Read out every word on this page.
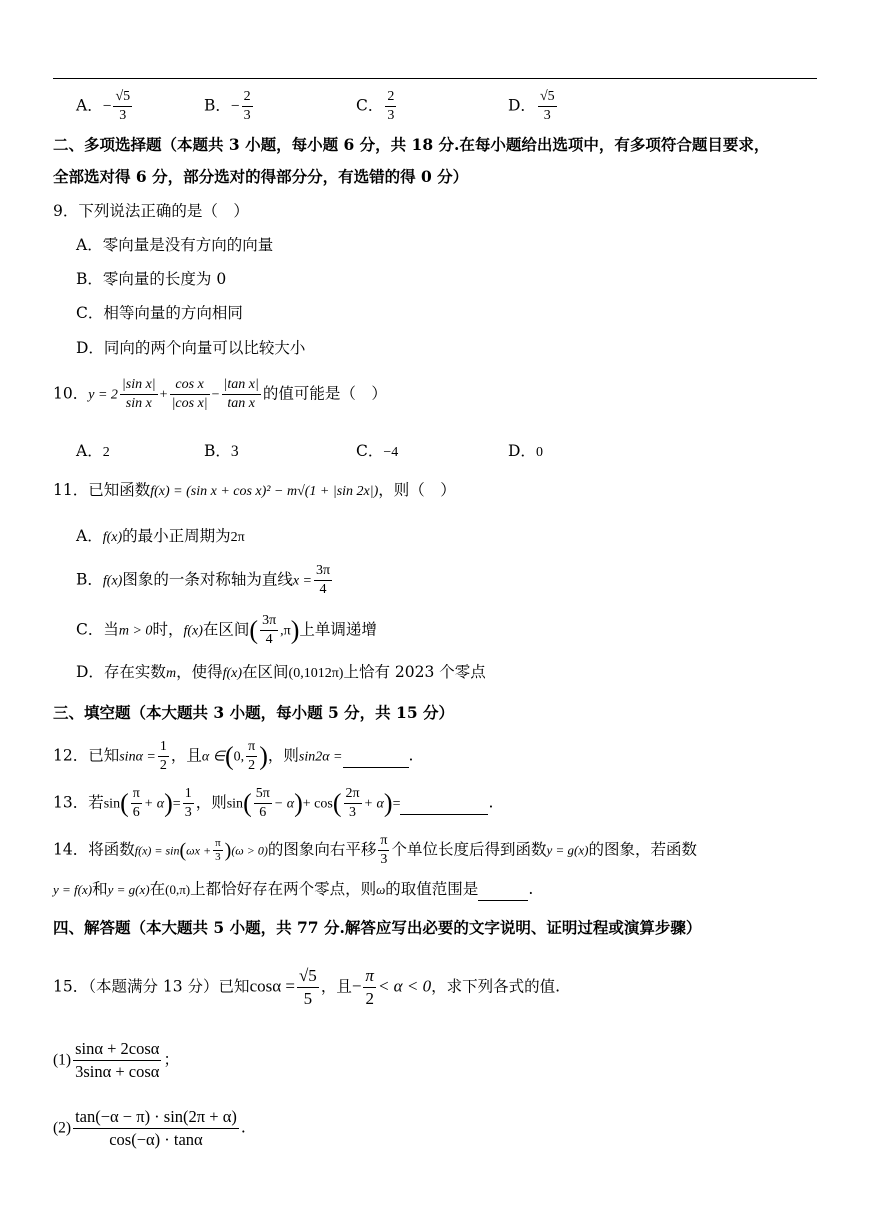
A．− $\frac{√5}{3}$	B．− $\frac{2}{3}$	C． $\frac{2}{3}$	D． $\frac{√5}{3}$
二、多项选择题（本题共 3 小题，每小题 6 分，共 18 分.在每小题给出选项中，有多项符合题目要求，
全部选对得 6 分，部分选对的得部分分，有选错的得 0 分）
9．下列说法正确的是（　）
A．零向量是没有方向的向量
B．零向量的长度为 0
C．相等向量的方向相同
D．同向的两个向量可以比较大小
10．$y = 2 \frac{\text{|sin x|}}{\text{sin x}} + \frac{\text{cos x}}{\text{|cos x|}} - \frac{\text{|tan x|}}{\text{tan x}}$ 的值可能是（　）
A．2	B．3	C．−4	D．0
11．已知函数f(x) = (sin x + cos x)² − m√(1 + |sin 2x|)，则（　）
A．f(x)的最小正周期为2π
B．f(x)图象的一条对称轴为直线$x = \frac{3\pi}{4}$
C．当m > 0时，f(x)在区间( $\frac{3\pi}{4} ,\pi$)上单调递增
D．存在实数m，使得f(x)在区间(0,1012π)上恰有 2023 个零点
三、填空题（本大题共 3 小题，每小题 5 分，共 15 分）
12．已知$\sin\alpha = \frac{1}{2}$ ，且α ∈(0, $\frac{\pi}{2}$ )，则sin2α =	.
13．若$\sin( \frac{\pi}{6} + \alpha)= \frac{1}{3}$ ，则$\sin( \frac{5\pi}{6} - \alpha)+ \cos( \frac{2\pi}{3} + \alpha)=$	.
14．将函数$f(x) = \sin(\omega x + \frac{\pi}{3} )(\omega > 0)$的图象向右平移 $\frac{\pi}{3}$ 个单位长度后得到函数y = g(x)的图象，若函数
y = f(x)和y = g(x)在(0,π)上都恰好存在两个零点，则ω的取值范围是	.
四、解答题（本大题共 5 小题，共 77 分.解答应写出必要的文字说明、证明过程或演算步骤）
15．（本题满分 13 分）已知$\cos\alpha = \frac{√5}{5}$ ，且− $\frac{\pi}{2} < \alpha < 0$，求下列各式的值.
$(1) \frac{\sin\alpha + 2\cos\alpha}{3\sin\alpha + \cos\alpha}$ ；
$(2) \frac{\tan(-\alpha - \pi) \cdot \sin(2\pi + \alpha)}{\cos(-\alpha) \cdot \tan\alpha}$ .
